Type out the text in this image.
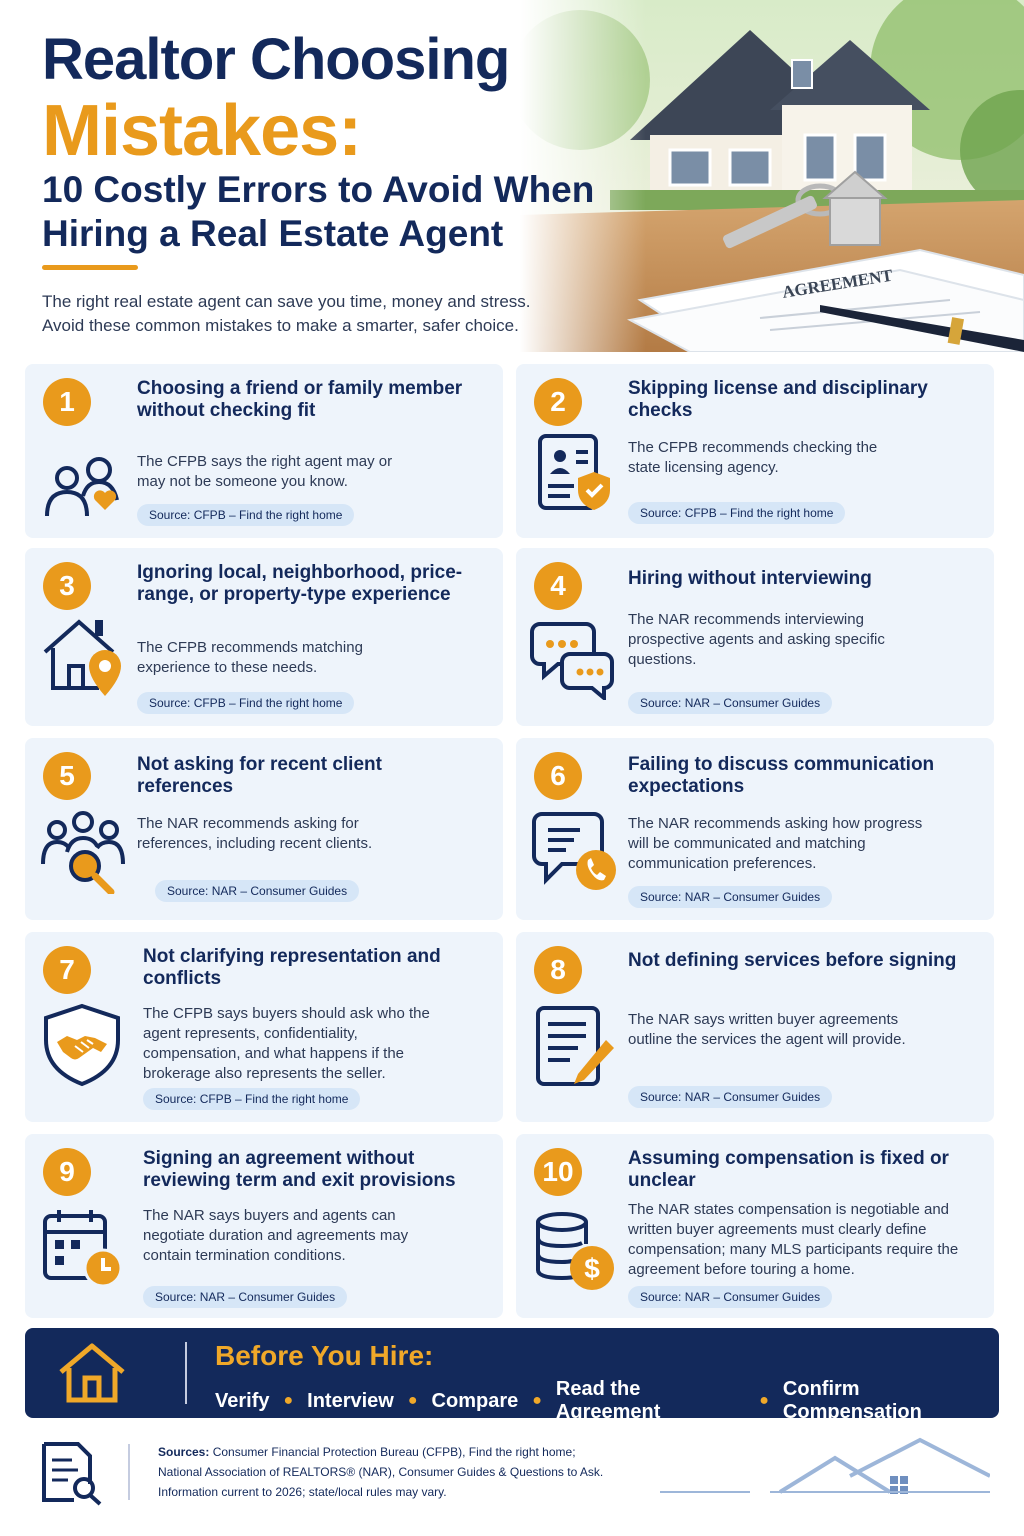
Realtor Choosing
Mistakes:
10 Costly Errors to Avoid When Hiring a Real Estate Agent
The right real estate agent can save you time, money and stress.
Avoid these common mistakes to make a smarter, safer choice.
1	Choosing a friend or family member without checking fit
The CFPB says the right agent may or may not be someone you know.
Source: CFPB – Find the right home
2	Skipping license and disciplinary checks
The CFPB recommends checking the state licensing agency.
Source: CFPB – Find the right home
3	Ignoring local, neighborhood, price-range, or property-type experience
The CFPB recommends matching experience to these needs.
Source: CFPB – Find the right home
4	Hiring without interviewing
The NAR recommends interviewing prospective agents and asking specific questions.
Source: NAR – Consumer Guides
5	Not asking for recent client references
The NAR recommends asking for references, including recent clients.
Source: NAR – Consumer Guides
6	Failing to discuss communication expectations
The NAR recommends asking how progress will be communicated and matching communication preferences.
Source: NAR – Consumer Guides
7	Not clarifying representation and conflicts
The CFPB says buyers should ask who the agent represents, confidentiality, compensation, and what happens if the brokerage also represents the seller.
Source: CFPB – Find the right home
8	Not defining services before signing
The NAR says written buyer agreements outline the services the agent will provide.
Source: NAR – Consumer Guides
9	Signing an agreement without reviewing term and exit provisions
The NAR says buyers and agents can negotiate duration and agreements may contain termination conditions.
Source: NAR – Consumer Guides
10
$
Assuming compensation is fixed or unclear
The NAR states compensation is negotiable and written buyer agreements must clearly define compensation; many MLS participants require the agreement before touring a home.
Source: NAR – Consumer Guides
Before You Hire:
Verify ● Interview ● Compare ●
Read the Agreement
●
Confirm Compensation
Sources: Consumer Financial Protection Bureau (CFPB), Find the right home;
National Association of REALTORS® (NAR), Consumer Guides & Questions to Ask.
Information current to 2026; state/local rules may vary.
